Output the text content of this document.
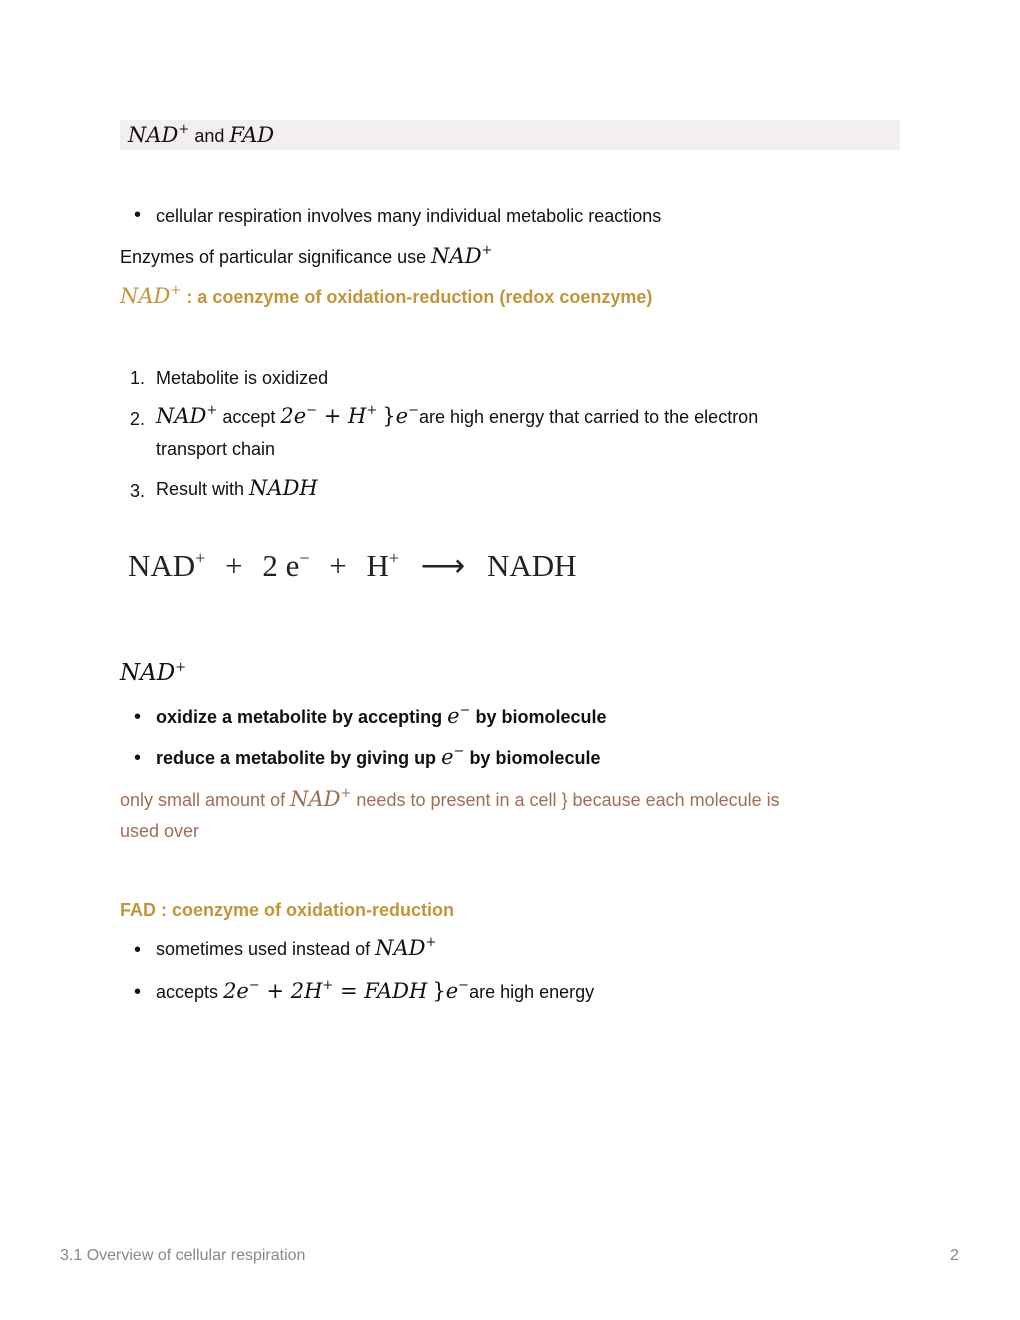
NAD+ and FAD
• cellular respiration involves many individual metabolic reactions
Enzymes of particular significance use NAD+
NAD+ : a coenzyme of oxidation-reduction (redox coenzyme)
1. Metabolite is oxidized
2. NAD+ accept 2e− + H+ }e−are high energy that carried to the electron
transport chain
3. Result with NADH
NAD+ + 2 e− + H+ ⟶ NADH
NAD+
• oxidize a metabolite by accepting e− by biomolecule
• reduce a metabolite by giving up e− by biomolecule
only small amount of NAD+ needs to present in a cell } because each molecule is
used over
FAD : coenzyme of oxidation-reduction
• sometimes used instead of NAD+
• accepts 2e− + 2H+ = FADH }e−are high energy
3.1 Overview of cellular respiration	2
